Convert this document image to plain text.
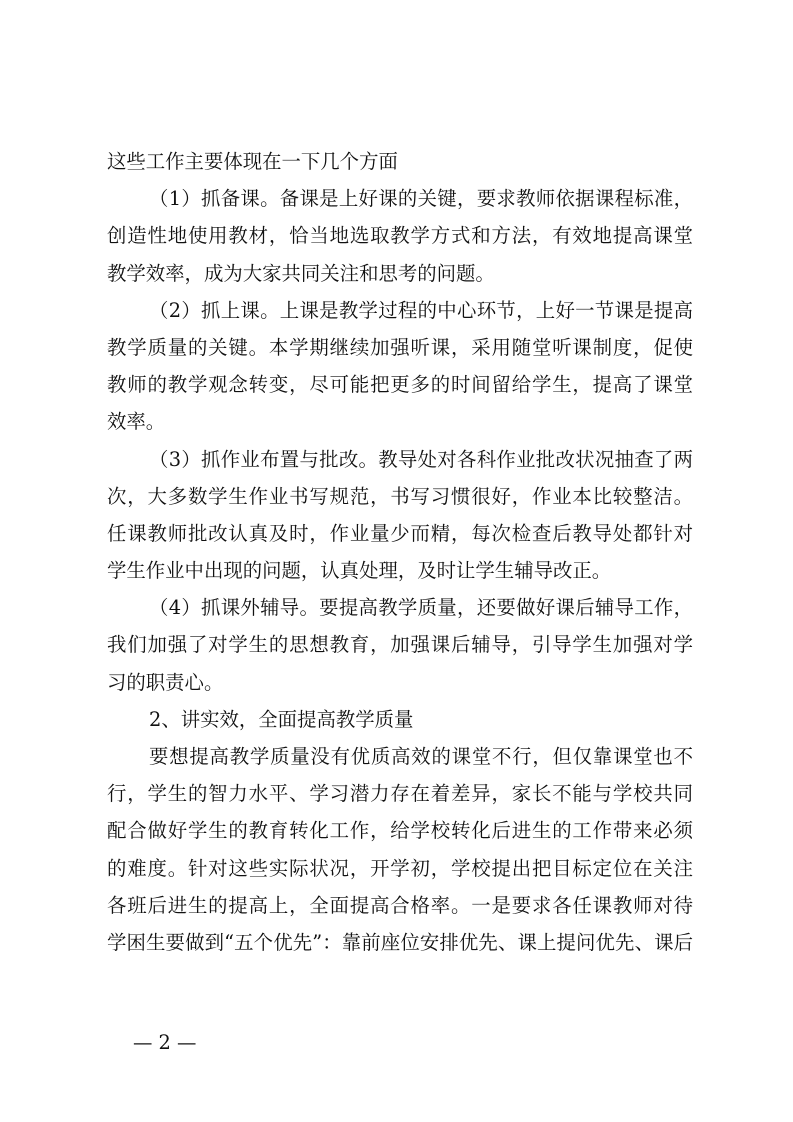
这些工作主要体现在一下几个方面
（1）抓备课。备课是上好课的关键，要求教师依据课程标准，
创造性地使用教材，恰当地选取教学方式和方法，有效地提高课堂
教学效率，成为大家共同关注和思考的问题。
（2）抓上课。上课是教学过程的中心环节，上好一节课是提高
教学质量的关键。本学期继续加强听课，采用随堂听课制度，促使
教师的教学观念转变，尽可能把更多的时间留给学生，提高了课堂
效率。
（3）抓作业布置与批改。教导处对各科作业批改状况抽查了两
次，大多数学生作业书写规范，书写习惯很好，作业本比较整洁。
任课教师批改认真及时，作业量少而精，每次检查后教导处都针对
学生作业中出现的问题，认真处理，及时让学生辅导改正。
（4）抓课外辅导。要提高教学质量，还要做好课后辅导工作，
我们加强了对学生的思想教育，加强课后辅导，引导学生加强对学
习的职责心。
2、讲实效，全面提高教学质量
要想提高教学质量没有优质高效的课堂不行，但仅靠课堂也不
行，学生的智力水平、学习潜力存在着差异，家长不能与学校共同
配合做好学生的教育转化工作，给学校转化后进生的工作带来必须
的难度。针对这些实际状况，开学初，学校提出把目标定位在关注
各班后进生的提高上，全面提高合格率。一是要求各任课教师对待
学困生要做到“五个优先”：靠前座位安排优先、课上提问优先、课后
— 2 —
